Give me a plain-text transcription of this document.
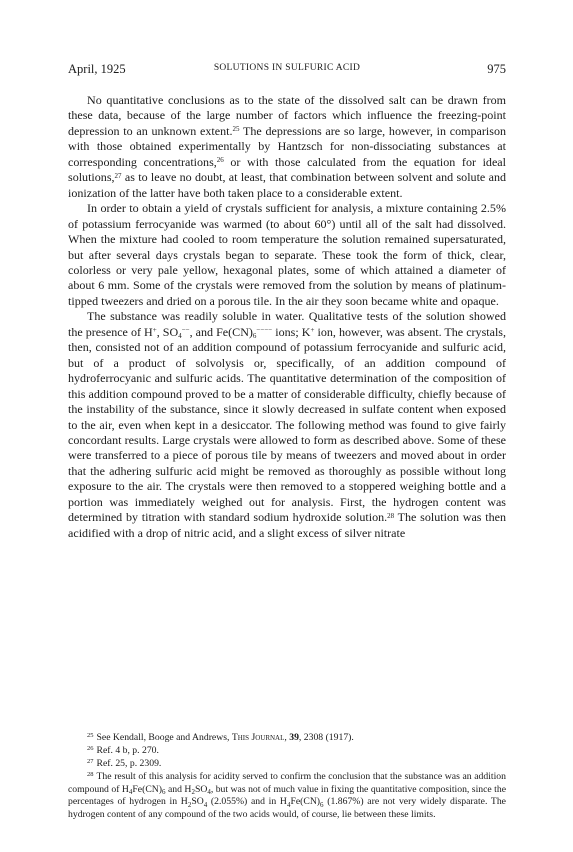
April, 1925	SOLUTIONS IN SULFURIC ACID	975

No quantitative conclusions as to the state of the dissolved salt can be drawn from these data, because of the large number of factors which influence the freezing-point depression to an unknown extent.$^{25}$ The depressions are so large, however, in comparison with those obtained experimentally by Hantzsch for non-dissociating substances at corresponding concentrations,$^{26}$ or with those calculated from the equation for ideal solutions,$^{27}$ as to leave no doubt, at least, that combination between solvent and solute and ionization of the latter have both taken place to a considerable extent.

In order to obtain a yield of crystals sufficient for analysis, a mixture containing 2.5% of potassium ferrocyanide was warmed (to about 60°) until all of the salt had dissolved. When the mixture had cooled to room temperature the solution remained supersaturated, but after several days crystals began to separate. These took the form of thick, clear, colorless or very pale yellow, hexagonal plates, some of which attained a diameter of about 6 mm. Some of the crystals were removed from the solution by means of platinum-tipped tweezers and dried on a porous tile. In the air they soon became white and opaque.

The substance was readily soluble in water. Qualitative tests of the solution showed the presence of H+, $SO_4^{--}$, and $Fe(CN)_6^{----}$ ions; K+ ion, however, was absent. The crystals, then, consisted not of an addition compound of potassium ferrocyanide and sulfuric acid, but of a product of solvolysis or, specifically, of an addition compound of hydroferrocyanic and sulfuric acids. The quantitative determination of the composition of this addition compound proved to be a matter of considerable difficulty, chiefly because of the instability of the substance, since it slowly decreased in sulfate content when exposed to the air, even when kept in a desiccator. The following method was found to give fairly concordant results. Large crystals were allowed to form as described above. Some of these were transferred to a piece of porous tile by means of tweezers and moved about in order that the adhering sulfuric acid might be removed as thoroughly as possible without long exposure to the air. The crystals were then removed to a stoppered weighing bottle and a portion was immediately weighed out for analysis. First, the hydrogen content was determined by titration with standard sodium hydroxide solution.$^{28}$ The solution was then acidified with a drop of nitric acid, and a slight excess of silver nitrate

$^{25}$ See Kendall, Booge and Andrews, This Journal, 39, 2308 (1917).

$^{26}$ Ref. 4 b, p. 270.

$^{27}$ Ref. 25, p. 2309.

$^{28}$ The result of this analysis for acidity served to confirm the conclusion that the substance was an addition compound of $H_4Fe(CN)_6$ and $H_2SO_4$, but was not of much value in fixing the quantitative composition, since the percentages of hydrogen in $H_2SO_4$ (2.055%) and in $H_4Fe(CN)_6$ (1.867%) are not very widely disparate. The hydrogen content of any compound of the two acids would, of course, lie between these limits.
